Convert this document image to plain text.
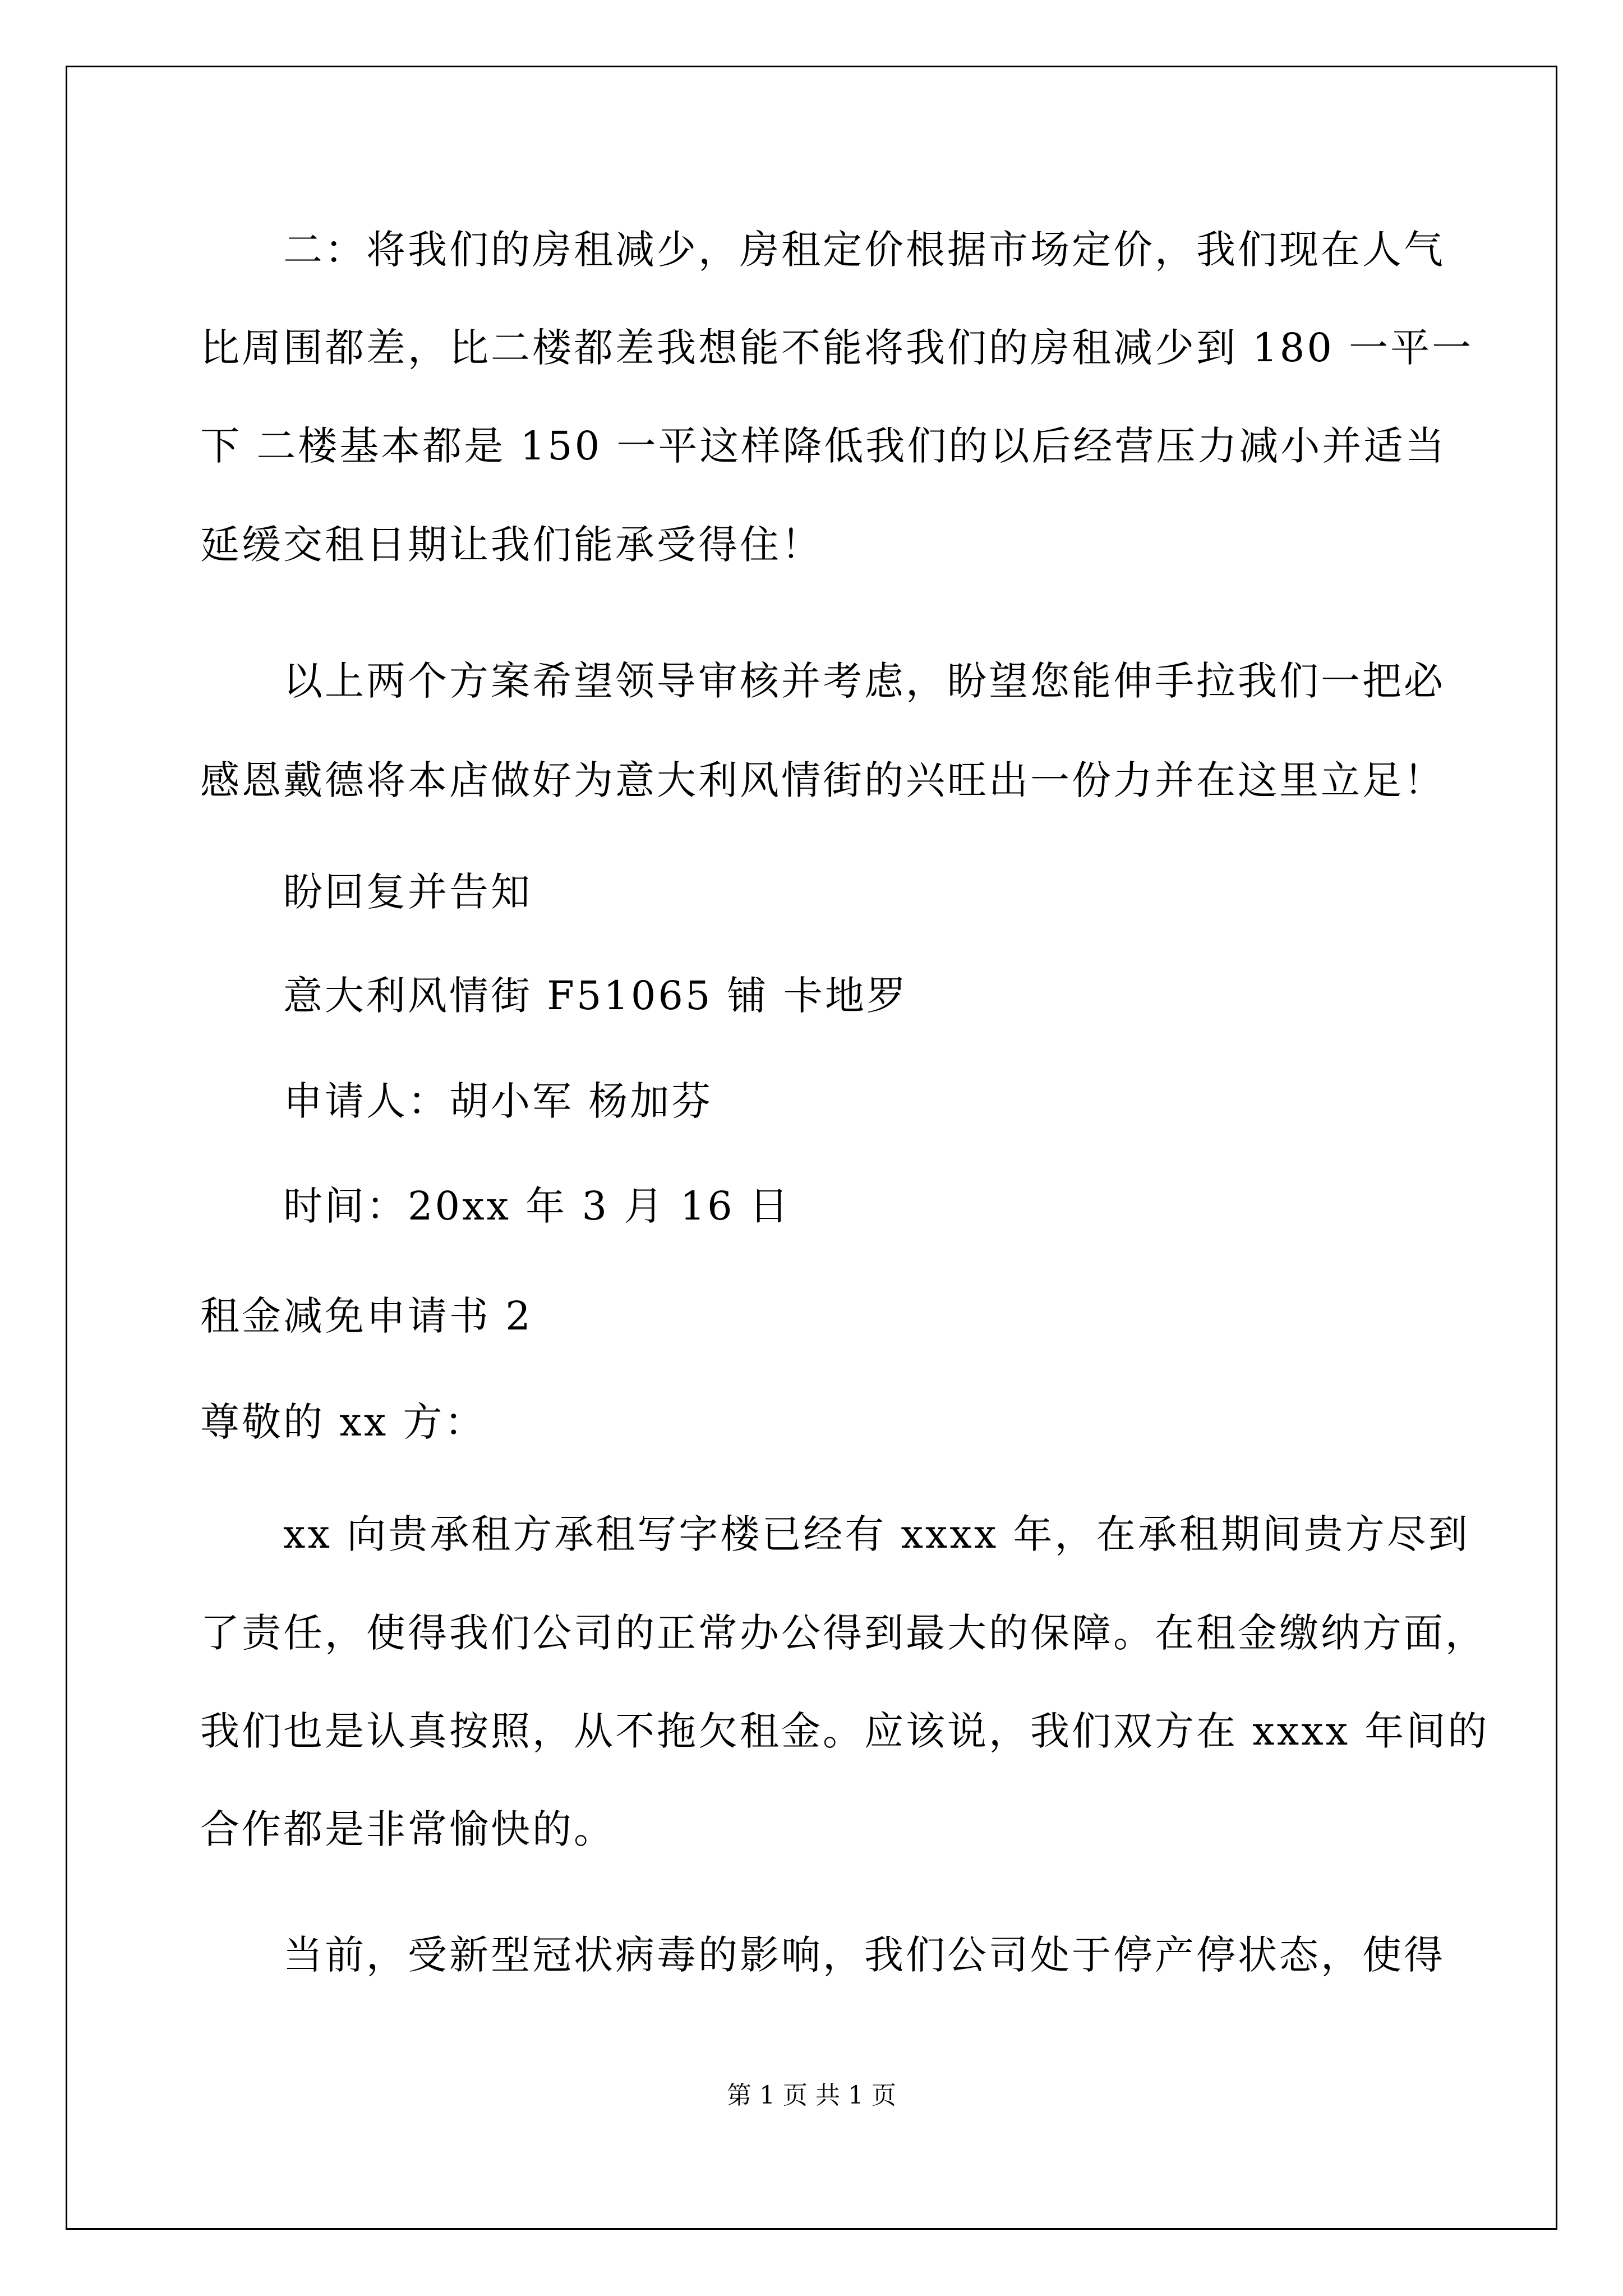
二：将我们的房租减少，房租定价根据市场定价，我们现在人气
比周围都差，比二楼都差我想能不能将我们的房租减少到 180 一平一
下 二楼基本都是 150 一平这样降低我们的以后经营压力减小并适当
延缓交租日期让我们能承受得住！
以上两个方案希望领导审核并考虑，盼望您能伸手拉我们一把必
感恩戴德将本店做好为意大利风情街的兴旺出一份力并在这里立足！
盼回复并告知
意大利风情街 F51065 铺 卡地罗
申请人：胡小军 杨加芬
时间：20xx 年 3 月 16 日
租金减免申请书 2
尊敬的 xx 方：
xx 向贵承租方承租写字楼已经有 xxxx 年，在承租期间贵方尽到
了责任，使得我们公司的正常办公得到最大的保障。在租金缴纳方面，
我们也是认真按照，从不拖欠租金。应该说，我们双方在 xxxx 年间的
合作都是非常愉快的。
当前，受新型冠状病毒的影响，我们公司处于停产停状态，使得
第 1 页 共 1 页
